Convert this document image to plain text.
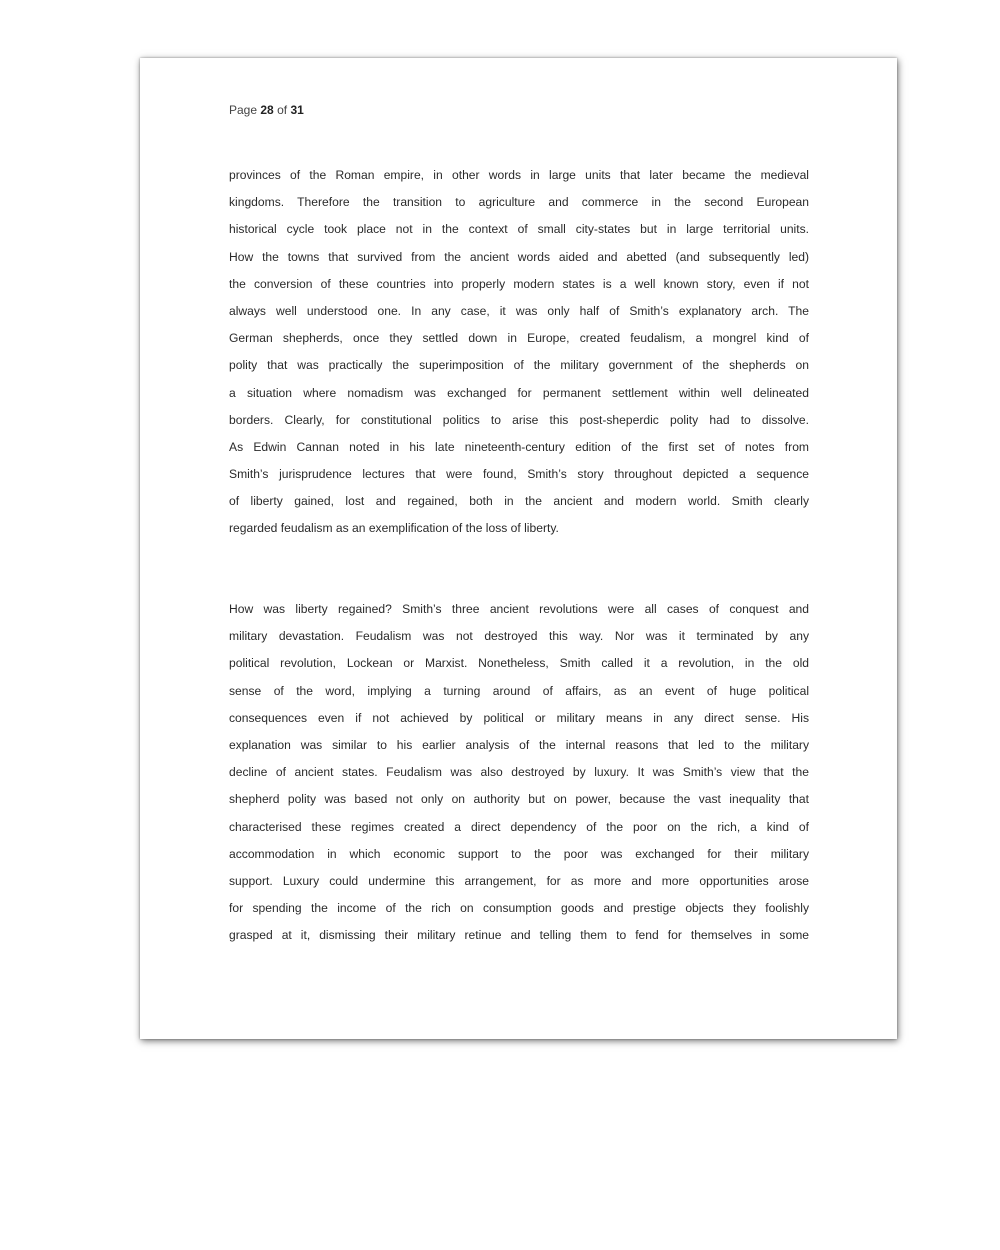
Page 28 of 31
provinces of the Roman empire, in other words in large units that later became the medieval
kingdoms. Therefore the transition to agriculture and commerce in the second European
historical cycle took place not in the context of small city-states but in large territorial units.
How the towns that survived from the ancient words aided and abetted (and subsequently led)
the conversion of these countries into properly modern states is a well known story, even if not
always well understood one. In any case, it was only half of Smith’s explanatory arch. The
German shepherds, once they settled down in Europe, created feudalism, a mongrel kind of
polity that was practically the superimposition of the military government of the shepherds on
a situation where nomadism was exchanged for permanent settlement within well delineated
borders. Clearly, for constitutional politics to arise this post-sheperdic polity had to dissolve.
As Edwin Cannan noted in his late nineteenth-century edition of the first set of notes from
Smith’s jurisprudence lectures that were found, Smith’s story throughout depicted a sequence
of liberty gained, lost and regained, both in the ancient and modern world. Smith clearly
regarded feudalism as an exemplification of the loss of liberty.
How was liberty regained? Smith’s three ancient revolutions were all cases of conquest and
military devastation. Feudalism was not destroyed this way. Nor was it terminated by any
political revolution, Lockean or Marxist. Nonetheless, Smith called it a revolution, in the old
sense of the word, implying a turning around of affairs, as an event of huge political
consequences even if not achieved by political or military means in any direct sense. His
explanation was similar to his earlier analysis of the internal reasons that led to the military
decline of ancient states. Feudalism was also destroyed by luxury. It was Smith’s view that the
shepherd polity was based not only on authority but on power, because the vast inequality that
characterised these regimes created a direct dependency of the poor on the rich, a kind of
accommodation in which economic support to the poor was exchanged for their military
support. Luxury could undermine this arrangement, for as more and more opportunities arose
for spending the income of the rich on consumption goods and prestige objects they foolishly
grasped at it, dismissing their military retinue and telling them to fend for themselves in some
